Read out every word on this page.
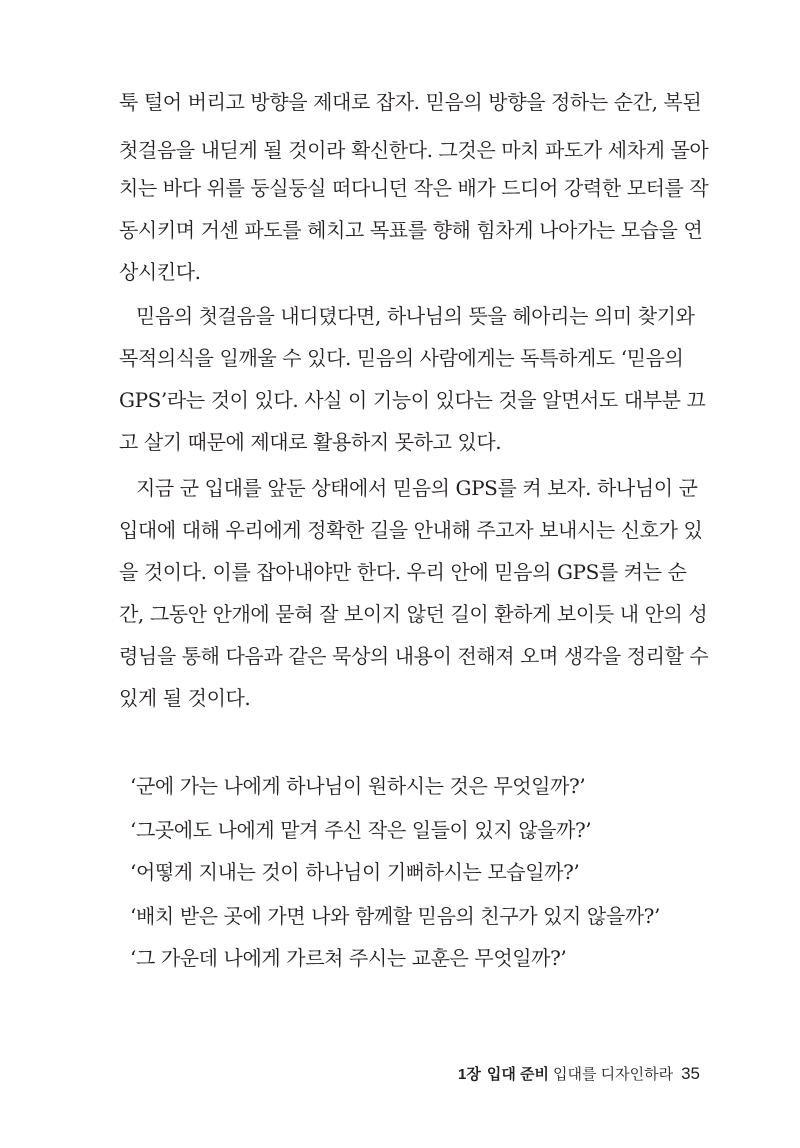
툭 털어 버리고 방향을 제대로 잡자. 믿음의 방향을 정하는 순간, 복된
첫걸음을 내딛게 될 것이라 확신한다. 그것은 마치 파도가 세차게 몰아
치는 바다 위를 둥실둥실 떠다니던 작은 배가 드디어 강력한 모터를 작
동시키며 거센 파도를 헤치고 목표를 향해 힘차게 나아가는 모습을 연
상시킨다.
믿음의 첫걸음을 내디뎠다면, 하나님의 뜻을 헤아리는 의미 찾기와
목적의식을 일깨울 수 있다. 믿음의 사람에게는 독특하게도 ‘믿음의
GPS’라는 것이 있다. 사실 이 기능이 있다는 것을 알면서도 대부분 끄
고 살기 때문에 제대로 활용하지 못하고 있다.
지금 군 입대를 앞둔 상태에서 믿음의 GPS를 켜 보자. 하나님이 군
입대에 대해 우리에게 정확한 길을 안내해 주고자 보내시는 신호가 있
을 것이다. 이를 잡아내야만 한다. 우리 안에 믿음의 GPS를 켜는 순
간, 그동안 안개에 묻혀 잘 보이지 않던 길이 환하게 보이듯 내 안의 성
령님을 통해 다음과 같은 묵상의 내용이 전해져 오며 생각을 정리할 수
있게 될 것이다.
‘군에 가는 나에게 하나님이 원하시는 것은 무엇일까?’
‘그곳에도 나에게 맡겨 주신 작은 일들이 있지 않을까?’
‘어떻게 지내는 것이 하나님이 기뻐하시는 모습일까?’
‘배치 받은 곳에 가면 나와 함께할 믿음의 친구가 있지 않을까?’
‘그 가운데 나에게 가르쳐 주시는 교훈은 무엇일까?’
1장 입대 준비 입대를 디자인하라 35
